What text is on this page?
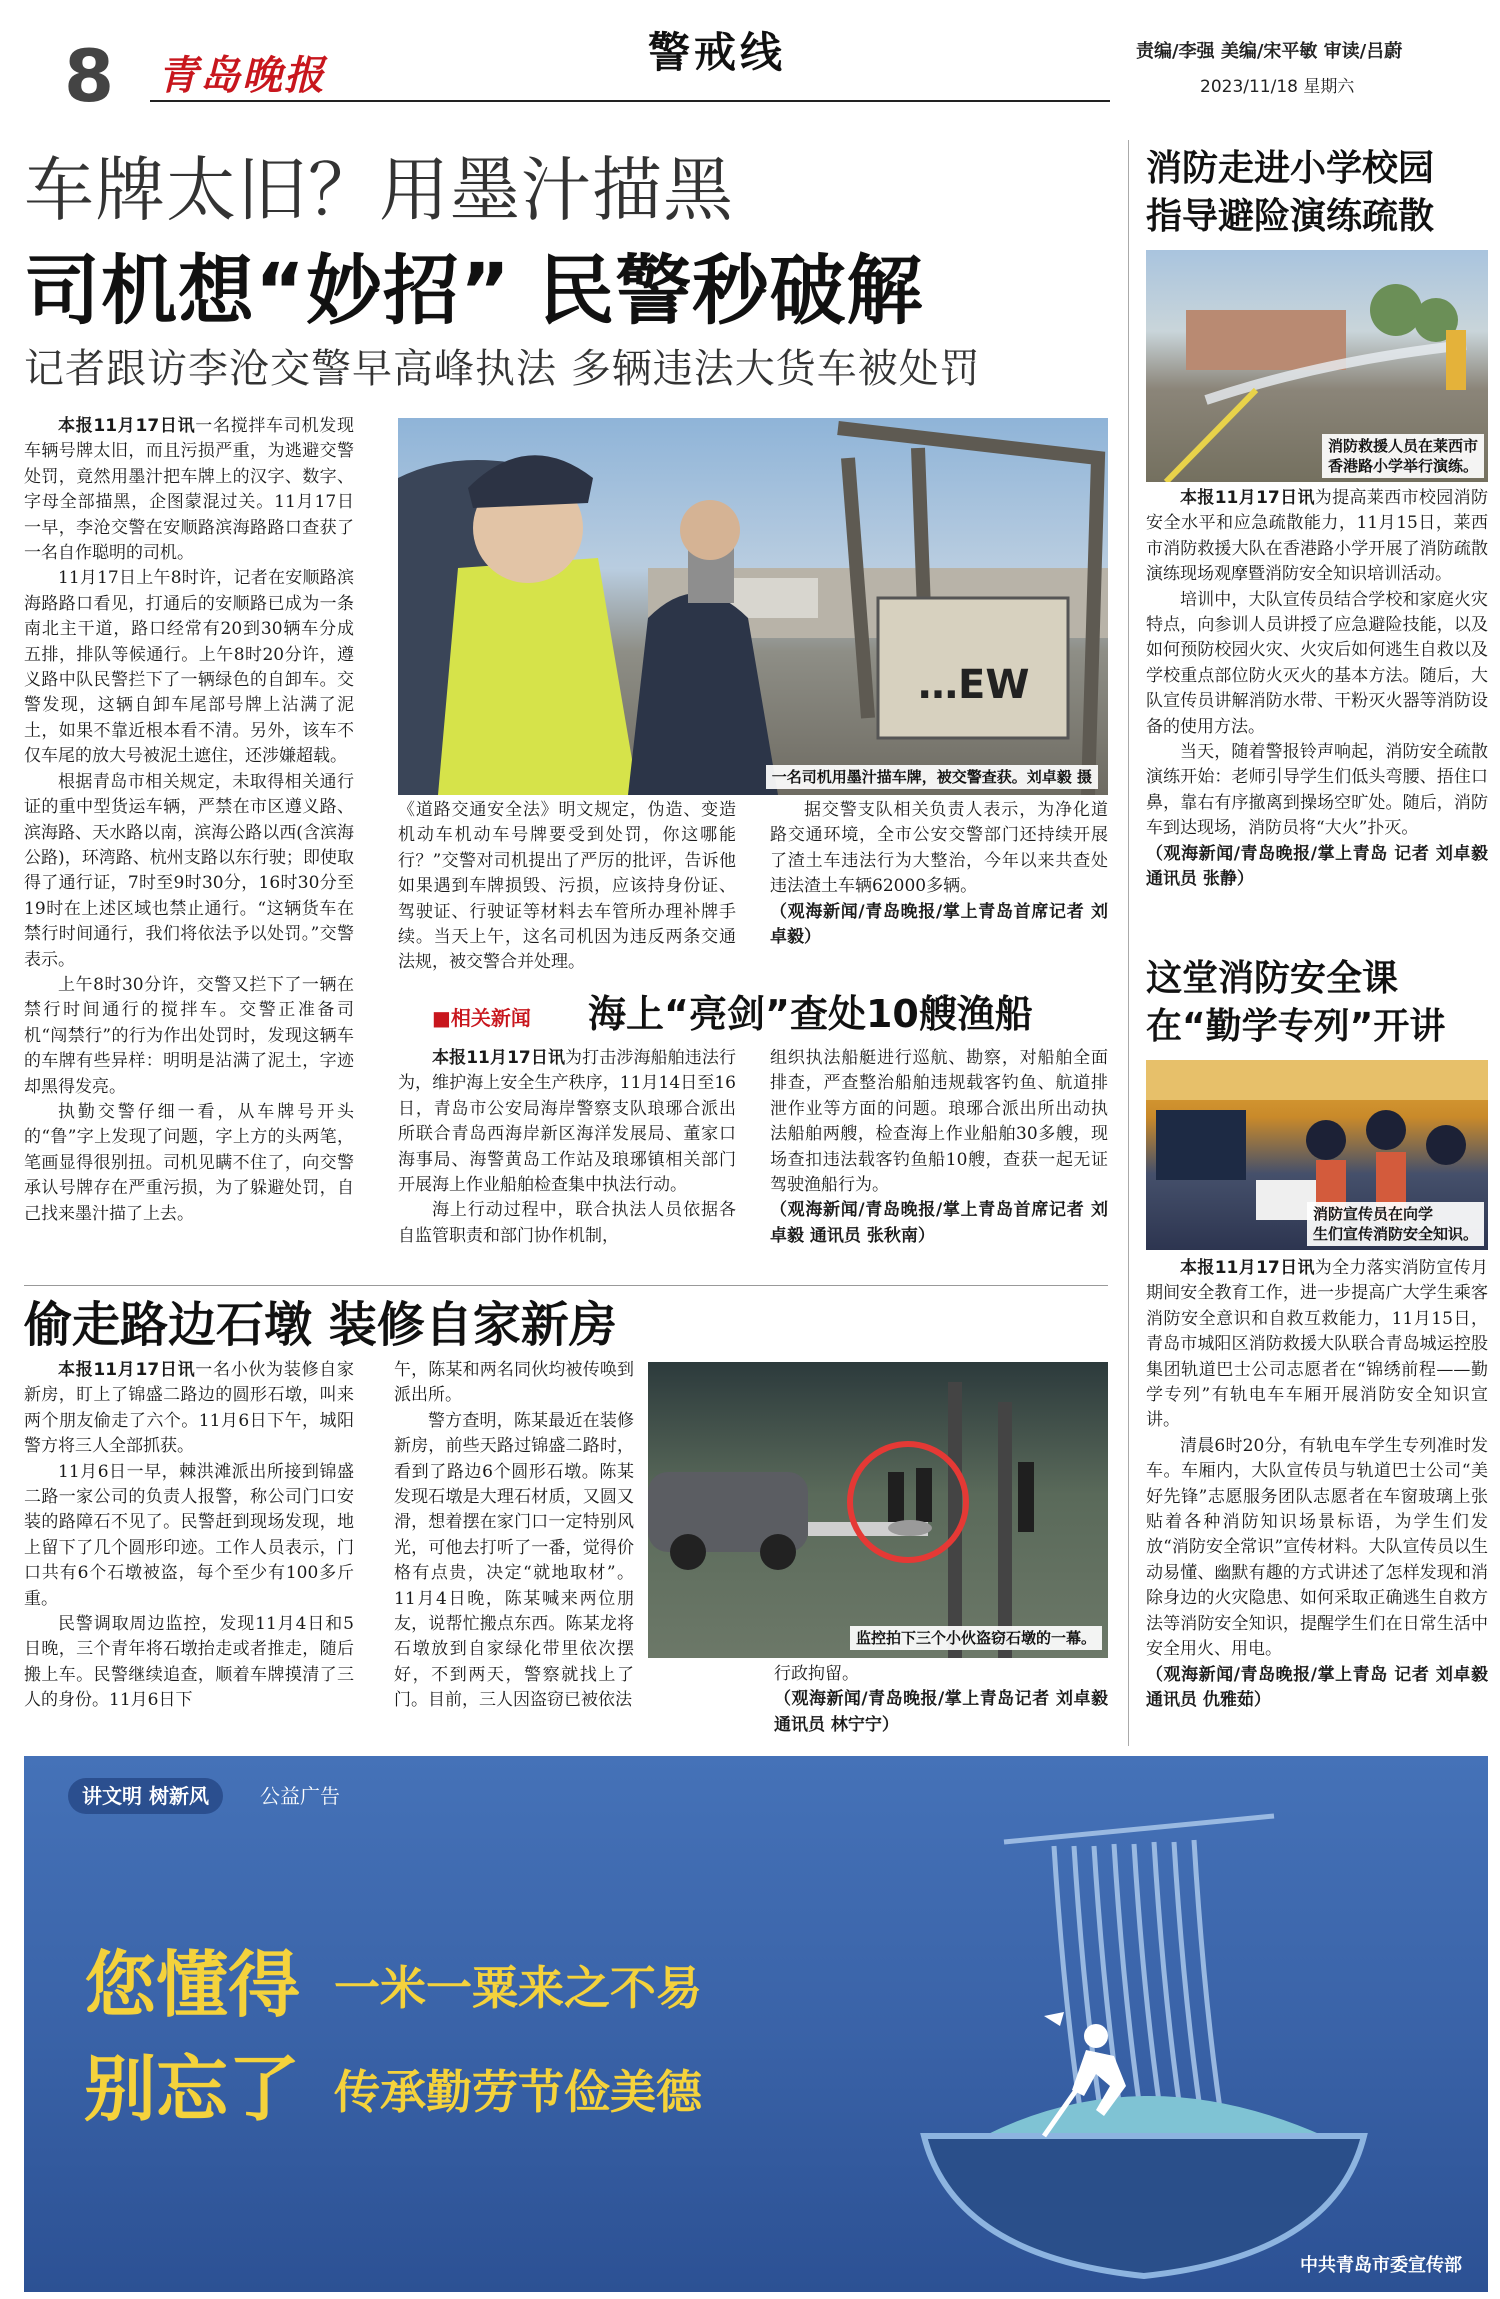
8 青岛晚报	警戒线	责编/李强 美编/宋平敏 审读/吕蔚
2023/11/18 星期六
车牌太旧？用墨汁描黑
司机想“妙招” 民警秒破解
记者跟访李沧交警早高峰执法 多辆违法大货车被处罚

本报11月17日讯一名搅拌车司机发现车辆号牌太旧，而且污损严重，为逃避交警处罚，竟然用墨汁把车牌上的汉字、数字、字母全部描黑，企图蒙混过关。11月17日一早，李沧交警在安顺路滨海路路口查获了一名自作聪明的司机。

11月17日上午8时许，记者在安顺路滨海路路口看见，打通后的安顺路已成为一条南北主干道，路口经常有20到30辆车分成五排，排队等候通行。上午8时20分许，遵义路中队民警拦下了一辆绿色的自卸车。交警发现，这辆自卸车尾部号牌上沾满了泥土，如果不靠近根本看不清。另外，该车不仅车尾的放大号被泥土遮住，还涉嫌超载。

根据青岛市相关规定，未取得相关通行证的重中型货运车辆，严禁在市区遵义路、滨海路、天水路以南，滨海公路以西(含滨海公路)，环湾路、杭州支路以东行驶；即使取得了通行证，7时至9时30分，16时30分至19时在上述区域也禁止通行。“这辆货车在禁行时间通行，我们将依法予以处罚。”交警表示。

上午8时30分许，交警又拦下了一辆在禁行时间通行的搅拌车。交警正准备司机“闯禁行”的行为作出处罚时，发现这辆车的车牌有些异样：明明是沾满了泥土，字迹却黑得发亮。

执勤交警仔细一看，从车牌号开头的“鲁”字上发现了问题，字上方的头两笔，笔画显得很别扭。司机见瞒不住了，向交警承认号牌存在严重污损，为了躲避处罚，自己找来墨汁描了上去。

…EW
一名司机用墨汁描车牌，被交警查获。刘卓毅 摄

《道路交通安全法》明文规定，伪造、变造机动车机动车号牌要受到处罚，你这哪能行？”交警对司机提出了严厉的批评，告诉他如果遇到车牌损毁、污损，应该持身份证、驾驶证、行驶证等材料去车管所办理补牌手续。当天上午，这名司机因为违反两条交通法规，被交警合并处理。

据交警支队相关负责人表示，为净化道路交通环境，全市公安交警部门还持续开展了渣土车违法行为大整治，今年以来共查处违法渣土车辆62000多辆。

（观海新闻/青岛晚报/掌上青岛首席记者 刘卓毅）

■相关新闻 海上“亮剑”查处10艘渔船

本报11月17日讯为打击涉海船舶违法行为，维护海上安全生产秩序，11月14日至16日，青岛市公安局海岸警察支队琅琊合派出所联合青岛西海岸新区海洋发展局、董家口海事局、海警黄岛工作站及琅琊镇相关部门开展海上作业船舶检查集中执法行动。

海上行动过程中，联合执法人员依据各自监管职责和部门协作机制，

组织执法船艇进行巡航、勘察，对船舶全面排查，严查整治船舶违规载客钓鱼、航道排泄作业等方面的问题。琅琊合派出所出动执法船舶两艘，检查海上作业船舶30多艘，现场查扣违法载客钓鱼船10艘，查获一起无证驾驶渔船行为。

（观海新闻/青岛晚报/掌上青岛首席记者 刘卓毅 通讯员 张秋南）

偷走路边石墩 装修自家新房

本报11月17日讯一名小伙为装修自家新房，盯上了锦盛二路边的圆形石墩，叫来两个朋友偷走了六个。11月6日下午，城阳警方将三人全部抓获。

11月6日一早，棘洪滩派出所接到锦盛二路一家公司的负责人报警，称公司门口安装的路障石不见了。民警赶到现场发现，地上留下了几个圆形印迹。工作人员表示，门口共有6个石墩被盗，每个至少有100多斤重。

民警调取周边监控，发现11月4日和5日晚，三个青年将石墩抬走或者推走，随后搬上车。民警继续追查，顺着车牌摸清了三人的身份。11月6日下

午，陈某和两名同伙均被传唤到派出所。

警方查明，陈某最近在装修新房，前些天路过锦盛二路时，看到了路边6个圆形石墩。陈某发现石墩是大理石材质，又圆又滑，想着摆在家门口一定特别风光，可他去打听了一番，觉得价格有点贵，决定“就地取材”。11月4日晚，陈某喊来两位朋友，说帮忙搬点东西。陈某龙将石墩放到自家绿化带里依次摆好，不到两天，警察就找上了门。目前，三人因盗窃已被依法

监控拍下三个小伙盗窃石墩的一幕。

行政拘留。

（观海新闻/青岛晚报/掌上青岛记者 刘卓毅 通讯员 林宁宁）

消防走进小学校园
指导避险演练疏散
消防救援人员在莱西市
香港路小学举行演练。

本报11月17日讯为提高莱西市校园消防安全水平和应急疏散能力，11月15日，莱西市消防救援大队在香港路小学开展了消防疏散演练现场观摩暨消防安全知识培训活动。

培训中，大队宣传员结合学校和家庭火灾特点，向参训人员讲授了应急避险技能，以及如何预防校园火灾、火灾后如何逃生自救以及学校重点部位防火灭火的基本方法。随后，大队宣传员讲解消防水带、干粉灭火器等消防设备的使用方法。

当天，随着警报铃声响起，消防安全疏散演练开始：老师引导学生们低头弯腰、捂住口鼻，靠右有序撤离到操场空旷处。随后，消防车到达现场，消防员将“大火”扑灭。

（观海新闻/青岛晚报/掌上青岛 记者 刘卓毅 通讯员 张静）

这堂消防安全课
在“勤学专列”开讲
消防宣传员在向学
生们宣传消防安全知识。

本报11月17日讯为全力落实消防宣传月期间安全教育工作，进一步提高广大学生乘客消防安全意识和自救互救能力，11月15日，青岛市城阳区消防救援大队联合青岛城运控股集团轨道巴士公司志愿者在“锦绣前程——勤学专列”有轨电车车厢开展消防安全知识宣讲。

清晨6时20分，有轨电车学生专列准时发车。车厢内，大队宣传员与轨道巴士公司“美好先锋”志愿服务团队志愿者在车窗玻璃上张贴着各种消防知识场景标语，为学生们发放“消防安全常识”宣传材料。大队宣传员以生动易懂、幽默有趣的方式讲述了怎样发现和消除身边的火灾隐患、如何采取正确逃生自救方法等消防安全知识，提醒学生们在日常生活中安全用火、用电。

（观海新闻/青岛晚报/掌上青岛 记者 刘卓毅 通讯员 仇雅茹）

讲文明 树新风	公益广告
您懂得 一米一粟来之不易
别忘了 传承勤劳节俭美德
中共青岛市委宣传部
